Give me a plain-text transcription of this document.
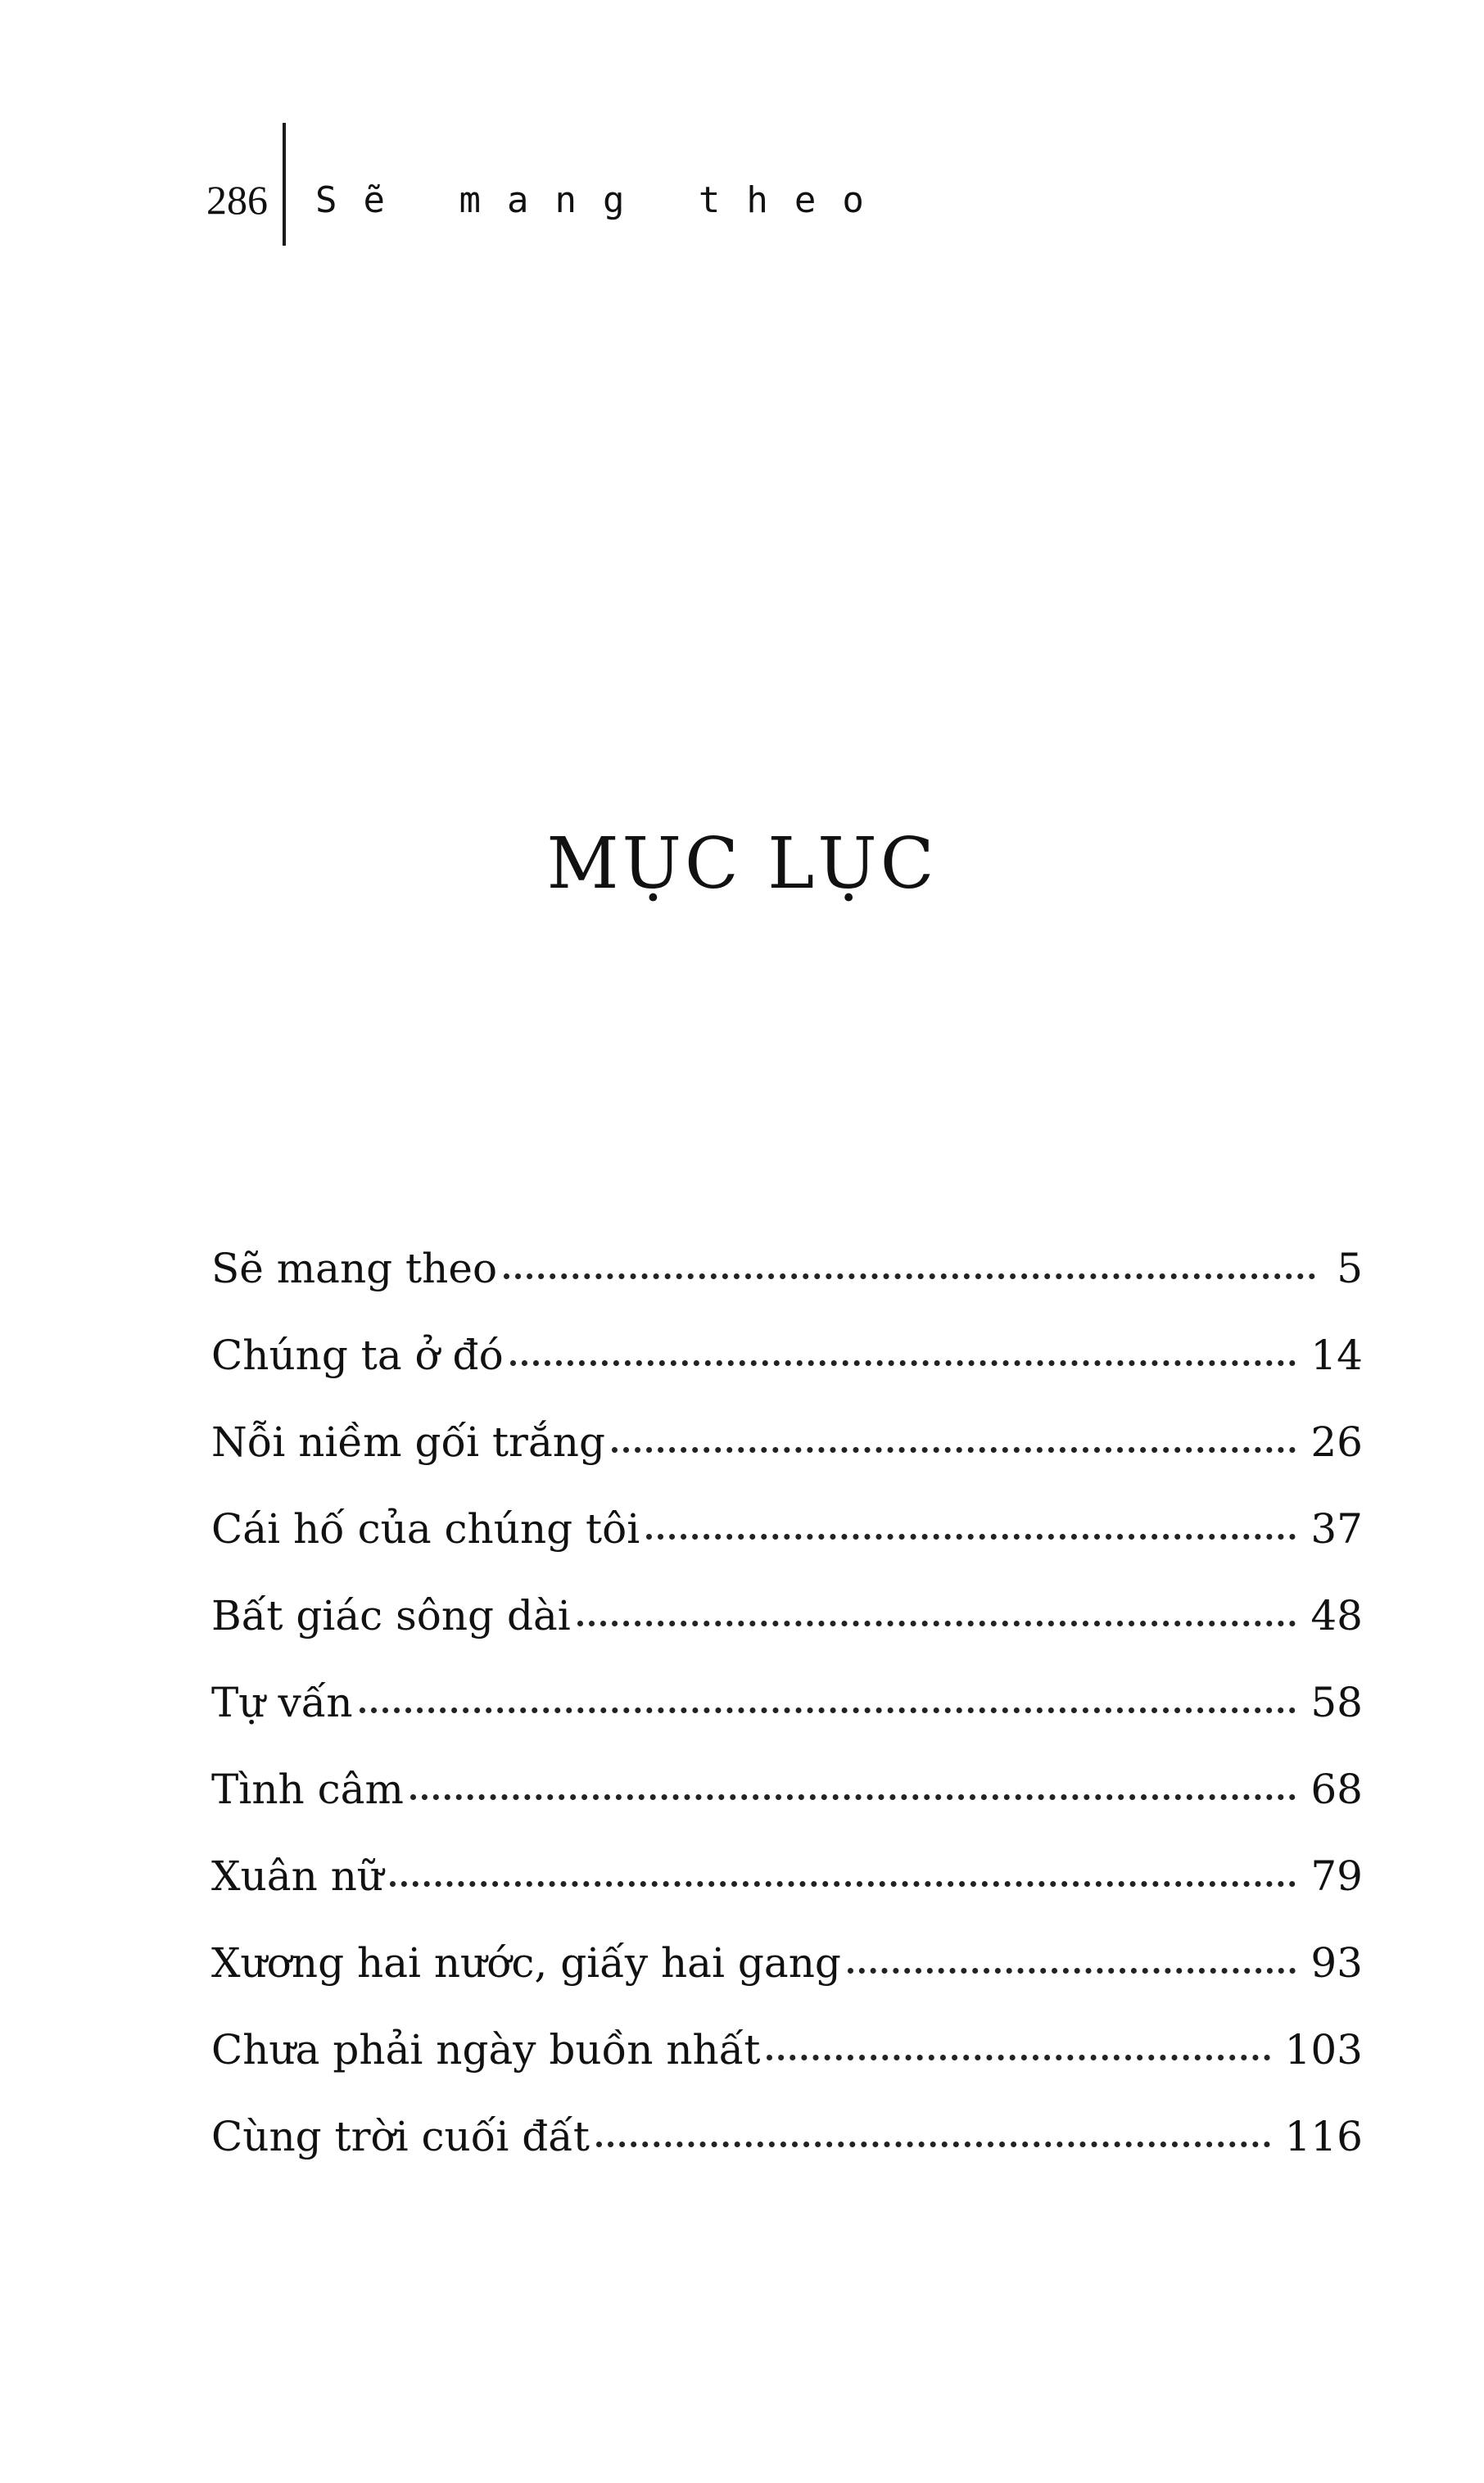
286	Sẽ mang theo
MỤC LỤC
Sẽ mang theo	5
Chúng ta ở đó	14
Nỗi niềm gối trắng	26
Cái hố của chúng tôi	37
Bất giác sông dài	48
Tự vấn	58
Tình câm	68
Xuân nữ	79
Xương hai nước, giấy hai gang	93
Chưa phải ngày buồn nhất	103
Cùng trời cuối đất	116
